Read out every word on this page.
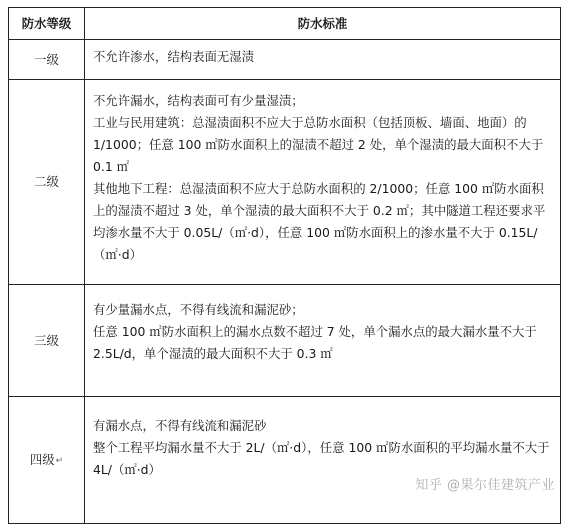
防水等级	防水标准
一级	不允许渗水，结构表面无湿渍

二级	不允许漏水，结构表面可有少量湿渍；

工业与民用建筑：总湿渍面积不应大于总防水面积（包括顶板、墙面、地面）的 1/1000；任意 100 ㎡防水面积上的湿渍不超过 2 处，单个湿渍的最大面积不大于 0.1 ㎡

其他地下工程：总湿渍面积不应大于总防水面积的 2/1000；任意 100 ㎡防水面积上的湿渍不超过 3 处，单个湿渍的最大面积不大于 0.2 ㎡；其中隧道工程还要求平均渗水量不大于 0.05L/（㎡·d），任意 100 ㎡防水面积上的渗水量不大于 0.15L/（㎡·d）

三级	有少量漏水点，不得有线流和漏泥砂；

任意 100 ㎡防水面积上的漏水点数不超过 7 处，单个漏水点的最大漏水量不大于 2.5L/d，单个湿渍的最大面积不大于 0.3 ㎡

四级↵	有漏水点，不得有线流和漏泥砂

整个工程平均漏水量不大于 2L/（㎡·d），任意 100 ㎡防水面积的平均漏水量不大于 4L/（㎡·d）

知乎 @果尔佳建筑产业
